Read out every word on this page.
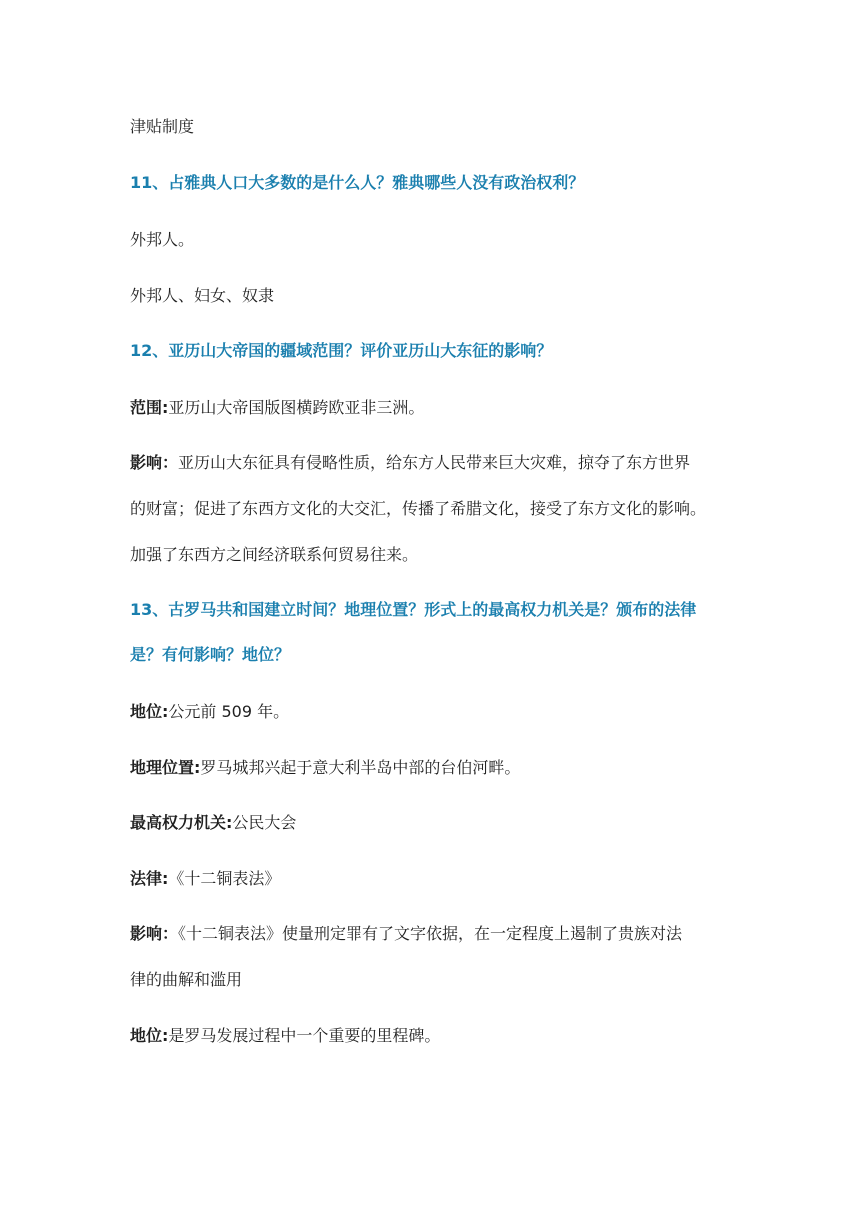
津贴制度
11、占雅典人口大多数的是什么人？雅典哪些人没有政治权利？
外邦人。
外邦人、妇女、奴隶
12、亚历山大帝国的疆域范围？评价亚历山大东征的影响？
范围:亚历山大帝国版图横跨欧亚非三洲。
影响：亚历山大东征具有侵略性质，给东方人民带来巨大灾难，掠夺了东方世界
的财富；促进了东西方文化的大交汇，传播了希腊文化，接受了东方文化的影响。
加强了东西方之间经济联系何贸易往来。
13、古罗马共和国建立时间？地理位置？形式上的最高权力机关是？颁布的法律
是？有何影响？地位？
地位:公元前 509 年。
地理位置:罗马城邦兴起于意大利半岛中部的台伯河畔。
最高权力机关:公民大会
法律:《十二铜表法》
影响：《十二铜表法》使量刑定罪有了文字依据，在一定程度上遏制了贵族对法
律的曲解和滥用
地位:是罗马发展过程中一个重要的里程碑。
